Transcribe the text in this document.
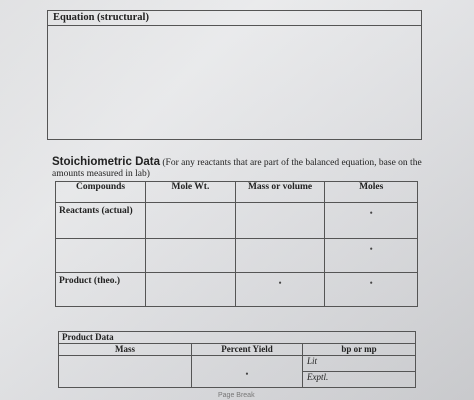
Equation (structural)
Stoichiometric Data (For any reactants that are part of the balanced equation, base on the amounts measured in lab)
Compounds	Mole Wt.	Mass or volume	Moles
Reactants (actual)			•
			•
Product (theo.)		•	•
Product Data		
Mass	Percent Yield	bp or mp
	•	Lit
		Exptl.
Page Break
